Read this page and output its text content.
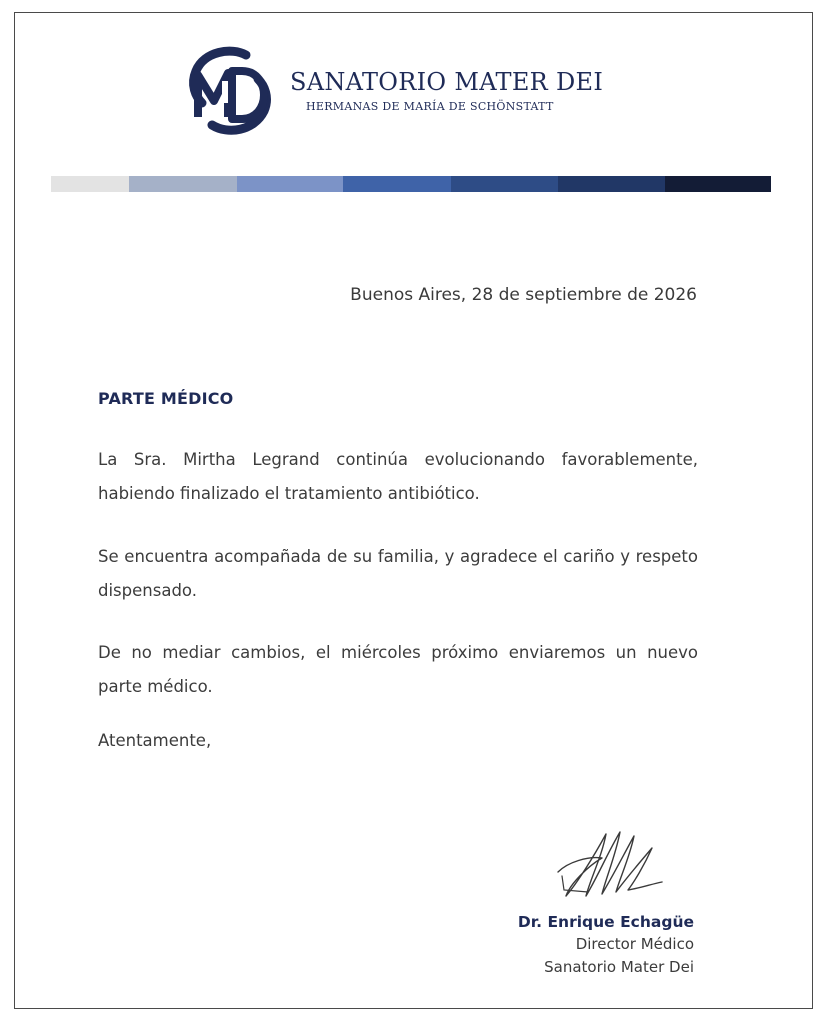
SANATORIO MATER DEI
HERMANAS DE MARÍA DE SCHÖNSTATT
Buenos Aires, 28 de septiembre de 2026
PARTE MÉDICO
La Sra. Mirtha Legrand continúa evolucionando favorablemente, habiendo finalizado el tratamiento antibiótico.
Se encuentra acompañada de su familia, y agradece el cariño y respeto dispensado.
De no mediar cambios, el miércoles próximo enviaremos un nuevo parte médico.
Atentamente,
Dr. Enrique Echagüe
Director Médico
Sanatorio Mater Dei
